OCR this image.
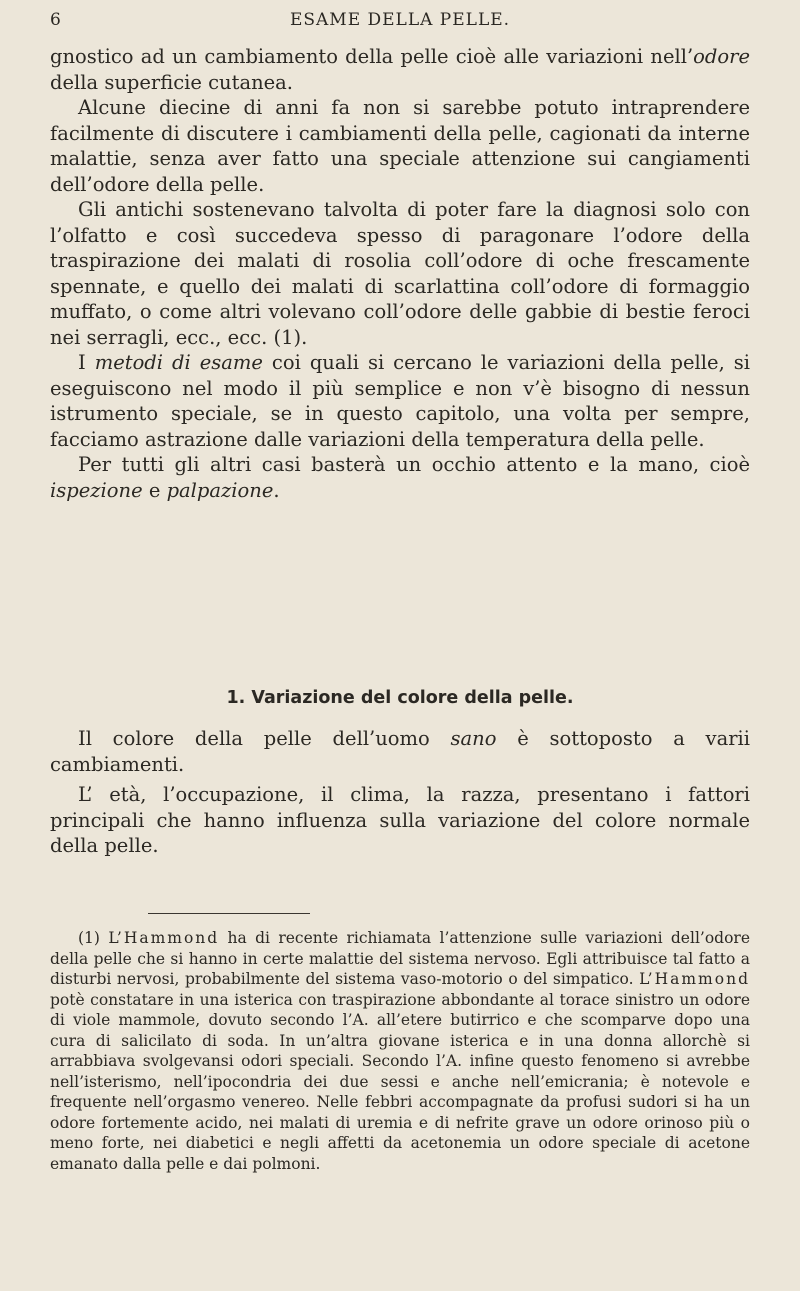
6	ESAME DELLA PELLE.

gnostico ad un cambiamento della pelle cioè alle variazioni nell’odore della superficie cutanea.

Alcune diecine di anni fa non si sarebbe potuto intraprendere facilmente di discutere i cambiamenti della pelle, cagionati da interne malattie, senza aver fatto una speciale attenzione sui cangiamenti dell’odore della pelle.

Gli antichi sostenevano talvolta di poter fare la diagnosi solo con l’olfatto e così succedeva spesso di paragonare l’odore della traspirazione dei malati di rosolia coll’odore di oche frescamente spennate, e quello dei malati di scarlattina coll’odore di formaggio muffato, o come altri volevano coll’odore delle gabbie di bestie feroci nei serragli, ecc., ecc. (1).

I metodi di esame coi quali si cercano le variazioni della pelle, si eseguiscono nel modo il più semplice e non v’è bisogno di nessun istrumento speciale, se in questo capitolo, una volta per sempre, facciamo astrazione dalle variazioni della temperatura della pelle.

Per tutti gli altri casi basterà un occhio attento e la mano, cioè ispezione e palpazione.

1. Variazione del colore della pelle.

Il colore della pelle dell’uomo sano è sottoposto a varii cambiamenti.

L’ età, l’occupazione, il clima, la razza, presentano i fattori principali che hanno influenza sulla variazione del colore normale della pelle.

(1) L’Hammond ha di recente richiamata l’attenzione sulle variazioni dell’odore della pelle che si hanno in certe malattie del sistema nervoso. Egli attribuisce tal fatto a disturbi nervosi, probabilmente del sistema vaso-motorio o del simpatico. L’Hammond potè constatare in una isterica con traspirazione abbondante al torace sinistro un odore di viole mammole, dovuto secondo l’A. all’etere butirrico e che scomparve dopo una cura di salicilato di soda. In un’altra giovane isterica e in una donna allorchè si arrabbiava svolgevansi odori speciali. Secondo l’A. infine questo fenomeno si avrebbe nell’isterismo, nell’ipocondria dei due sessi e anche nell’emicrania; è notevole e frequente nell’orgasmo venereo. Nelle febbri accompagnate da profusi sudori si ha un odore fortemente acido, nei malati di uremia e di nefrite grave un odore orinoso più o meno forte, nei diabetici e negli affetti da acetonemia un odore speciale di acetone emanato dalla pelle e dai polmoni.
